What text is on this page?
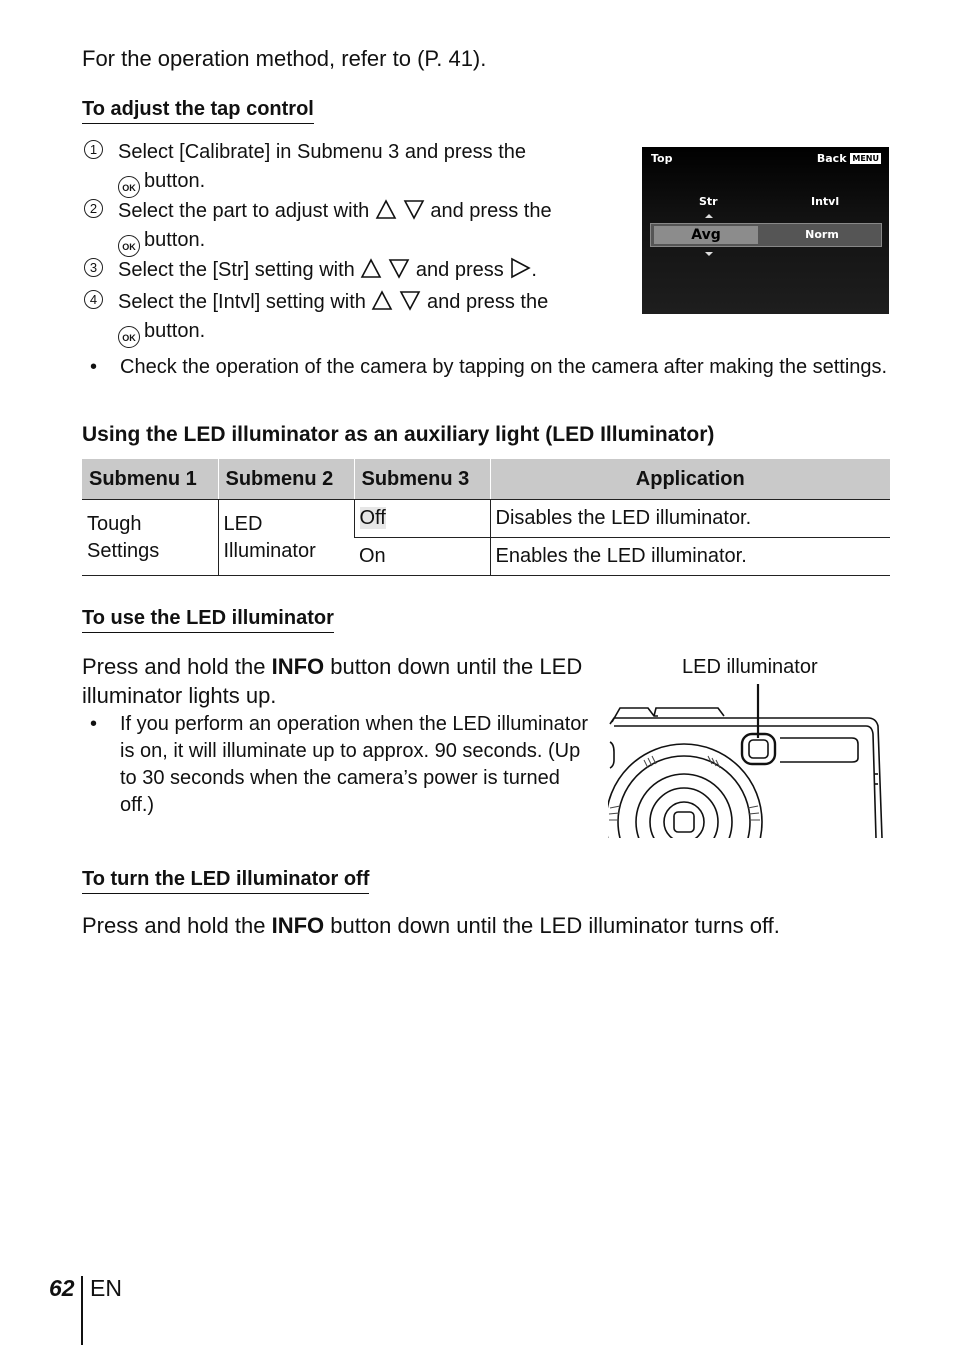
For the operation method, refer to (P. 41).
To adjust the tap control
1 Select [Calibrate] in Submenu 3 and press the
OK button.
2 Select the part to adjust with	and press the
OK button.
3 Select the [Str] setting with	and press .
4 Select the [Intvl] setting with	and press the
OK button.
Top	Back MENU
Str	Intvl
Avg	Norm
•	Check the operation of the camera by tapping on the camera after making the settings.
Using the LED illuminator as an auxiliary light (LED Illuminator)
Submenu 1	Submenu 2	Submenu 3	Application
Tough Settings	LED Illuminator	Off	Disables the LED illuminator.
		On	Enables the LED illuminator.
To use the LED illuminator
Press and hold the INFO button down until the LED illuminator lights up.
•	If you perform an operation when the LED illuminator is on, it will illuminate up to approx. 90 seconds. (Up to 30 seconds when the camera’s power is turned off.)
LED illuminator
To turn the LED illuminator off
Press and hold the INFO button down until the LED illuminator turns off.
62 EN
